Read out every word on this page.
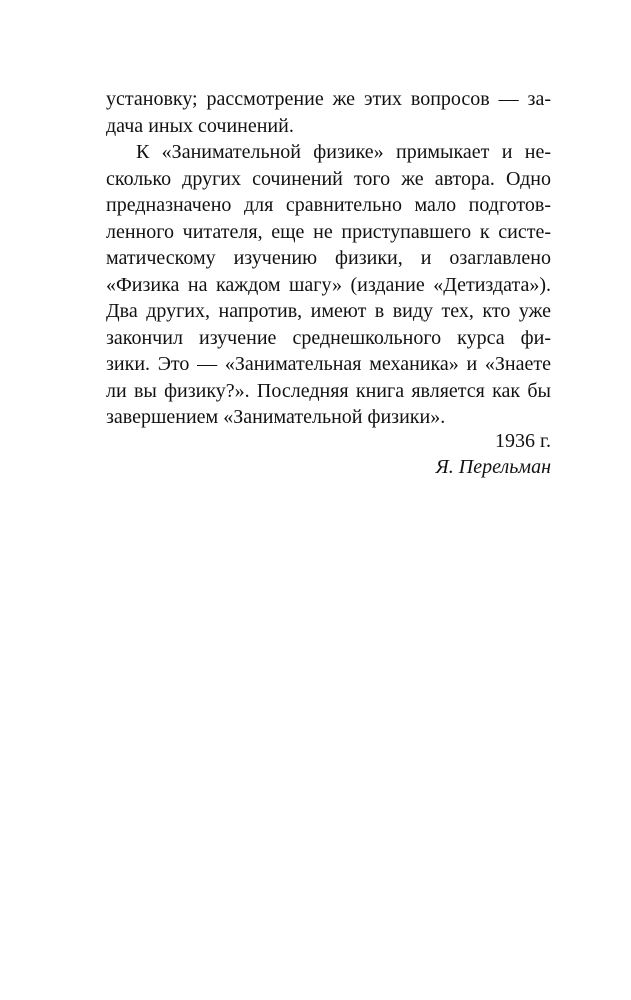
установку; рассмотрение же этих вопросов — за-
дача иных сочинений.
К «Занимательной физике» примыкает и не-
сколько других сочинений того же автора. Одно
предназначено для сравнительно мало подготов-
ленного читателя, еще не приступавшего к систе-
матическому изучению физики, и озаглавлено
«Физика на каждом шагу» (издание «Детиздата»).
Два других, напротив, имеют в виду тех, кто уже
закончил изучение среднешкольного курса фи-
зики. Это — «Занимательная механика» и «Знаете
ли вы физику?». Последняя книга является как бы
завершением «Занимательной физики».
1936 г.
Я. Перельман
